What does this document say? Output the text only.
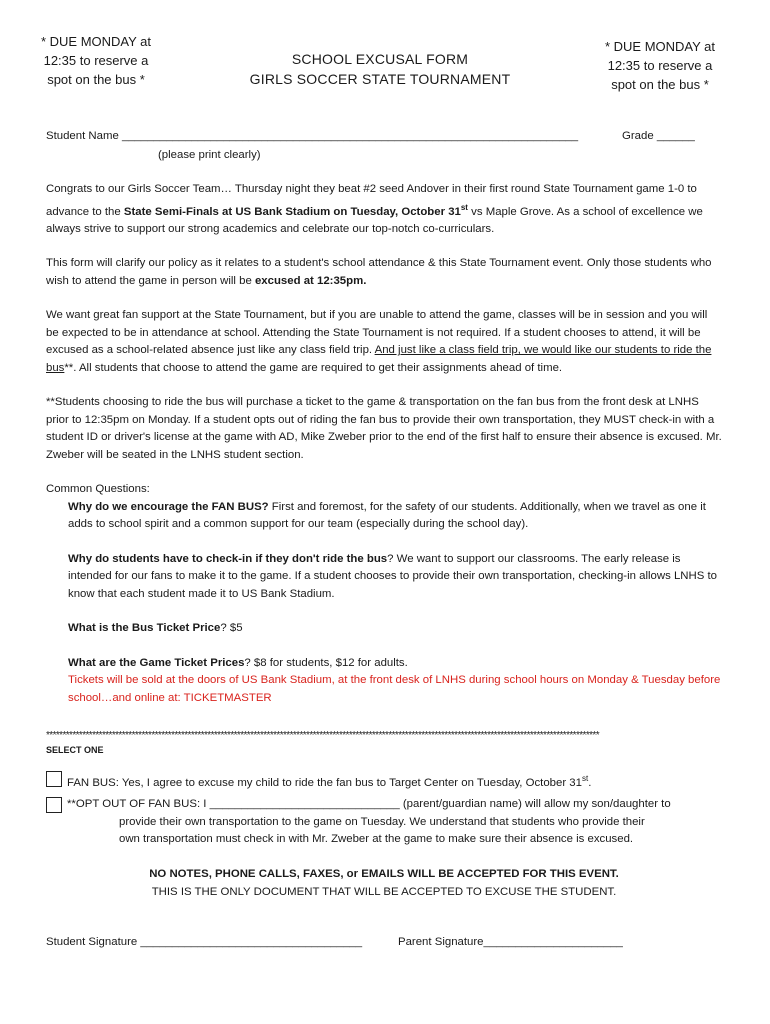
* DUE MONDAY at
12:35 to reserve a
spot on the bus *
SCHOOL EXCUSAL FORM
GIRLS SOCCER STATE TOURNAMENT
* DUE MONDAY at
12:35 to reserve a
spot on the bus *
Student Name ________________________________________________________________________	Grade ______
(please print clearly)

Congrats to our Girls Soccer Team… Thursday night they beat #2 seed Andover in their first round State Tournament game 1-0 to advance to the State Semi-Finals at US Bank Stadium on Tuesday, October 31st vs Maple Grove. As a school of excellence we always strive to support our strong academics and celebrate our top-notch co-curriculars.

This form will clarify our policy as it relates to a student's school attendance & this State Tournament event. Only those students who wish to attend the game in person will be excused at 12:35pm.

We want great fan support at the State Tournament, but if you are unable to attend the game, classes will be in session and you will be expected to be in attendance at school. Attending the State Tournament is not required. If a student chooses to attend, it will be excused as a school-related absence just like any class field trip. And just like a class field trip, we would like our students to ride the bus**. All students that choose to attend the game are required to get their assignments ahead of time.

**Students choosing to ride the bus will purchase a ticket to the game & transportation on the fan bus from the front desk at LNHS prior to 12:35pm on Monday. If a student opts out of riding the fan bus to provide their own transportation, they MUST check-in with a student ID or driver's license at the game with AD, Mike Zweber prior to the end of the first half to ensure their absence is excused. Mr. Zweber will be seated in the LNHS student section.

Common Questions:

Why do we encourage the FAN BUS? First and foremost, for the safety of our students. Additionally, when we travel as one it adds to school spirit and a common support for our team (especially during the school day).

Why do students have to check-in if they don't ride the bus? We want to support our classrooms. The early release is intended for our fans to make it to the game. If a student chooses to provide their own transportation, checking-in allows LNHS to know that each student made it to US Bank Stadium.

What is the Bus Ticket Price? $5

What are the Game Ticket Prices? $8 for students, $12 for adults.

Tickets will be sold at the doors of US Bank Stadium, at the front desk of LNHS during school hours on Monday & Tuesday before school…and online at: TICKETMASTER

************************************************************************************************************************************************************************
SELECT ONE
FAN BUS: Yes, I agree to excuse my child to ride the fan bus to Target Center on Tuesday, October 31st.
**OPT OUT OF FAN BUS: I ______________________________ (parent/guardian name) will allow my son/daughter to
provide their own transportation to the game on Tuesday. We understand that students who provide their
own transportation must check in with Mr. Zweber at the game to make sure their absence is excused.
NO NOTES, PHONE CALLS, FAXES, or EMAILS WILL BE ACCEPTED FOR THIS EVENT.
THIS IS THE ONLY DOCUMENT THAT WILL BE ACCEPTED TO EXCUSE THE STUDENT.
Student Signature ___________________________________	Parent Signature______________________
